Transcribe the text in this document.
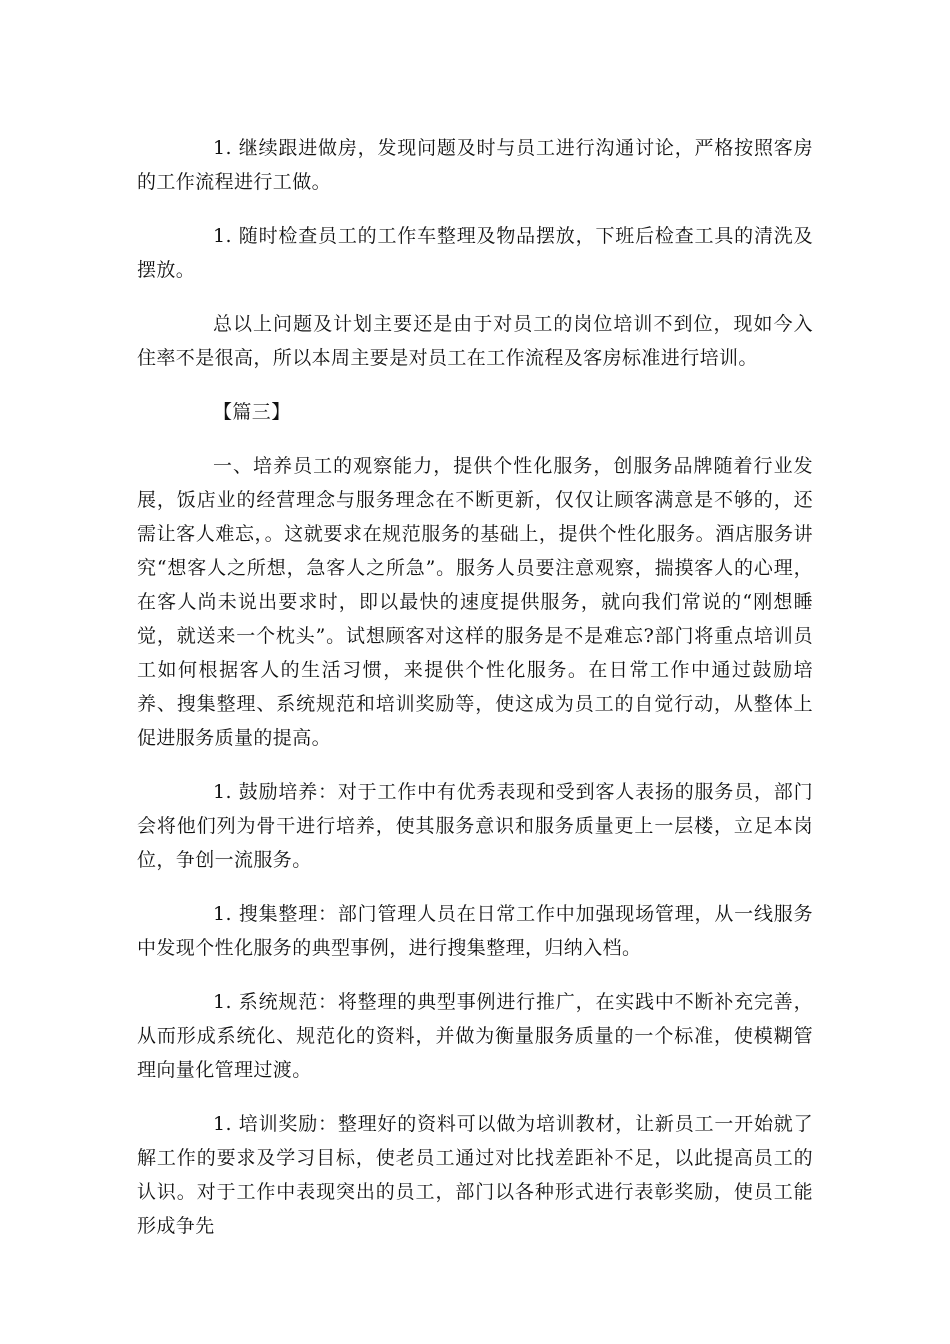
1. 继续跟进做房，发现问题及时与员工进行沟通讨论，严格按照客房的工作流程进行工做。

1. 随时检查员工的工作车整理及物品摆放，下班后检查工具的清洗及摆放。

总以上问题及计划主要还是由于对员工的岗位培训不到位，现如今入住率不是很高，所以本周主要是对员工在工作流程及客房标准进行培训。

【篇三】

一、培养员工的观察能力，提供个性化服务，创服务品牌随着行业发展，饭店业的经营理念与服务理念在不断更新，仅仅让顾客满意是不够的，还需让客人难忘，。这就要求在规范服务的基础上，提供个性化服务。酒店服务讲究“想客人之所想，急客人之所急”。服务人员要注意观察，揣摸客人的心理，在客人尚未说出要求时，即以最快的速度提供服务，就向我们常说的“刚想睡觉，就送来一个枕头”。试想顾客对这样的服务是不是难忘?部门将重点培训员工如何根据客人的生活习惯，来提供个性化服务。在日常工作中通过鼓励培养、搜集整理、系统规范和培训奖励等，使这成为员工的自觉行动，从整体上促进服务质量的提高。

1. 鼓励培养：对于工作中有优秀表现和受到客人表扬的服务员，部门会将他们列为骨干进行培养，使其服务意识和服务质量更上一层楼，立足本岗位，争创一流服务。

1. 搜集整理：部门管理人员在日常工作中加强现场管理，从一线服务中发现个性化服务的典型事例，进行搜集整理，归纳入档。

1. 系统规范：将整理的典型事例进行推广，在实践中不断补充完善，从而形成系统化、规范化的资料，并做为衡量服务质量的一个标准，使模糊管理向量化管理过渡。

1. 培训奖励：整理好的资料可以做为培训教材，让新员工一开始就了解工作的要求及学习目标，使老员工通过对比找差距补不足，以此提高员工的认识。对于工作中表现突出的员工，部门以各种形式进行表彰奖励，使员工能形成争先
